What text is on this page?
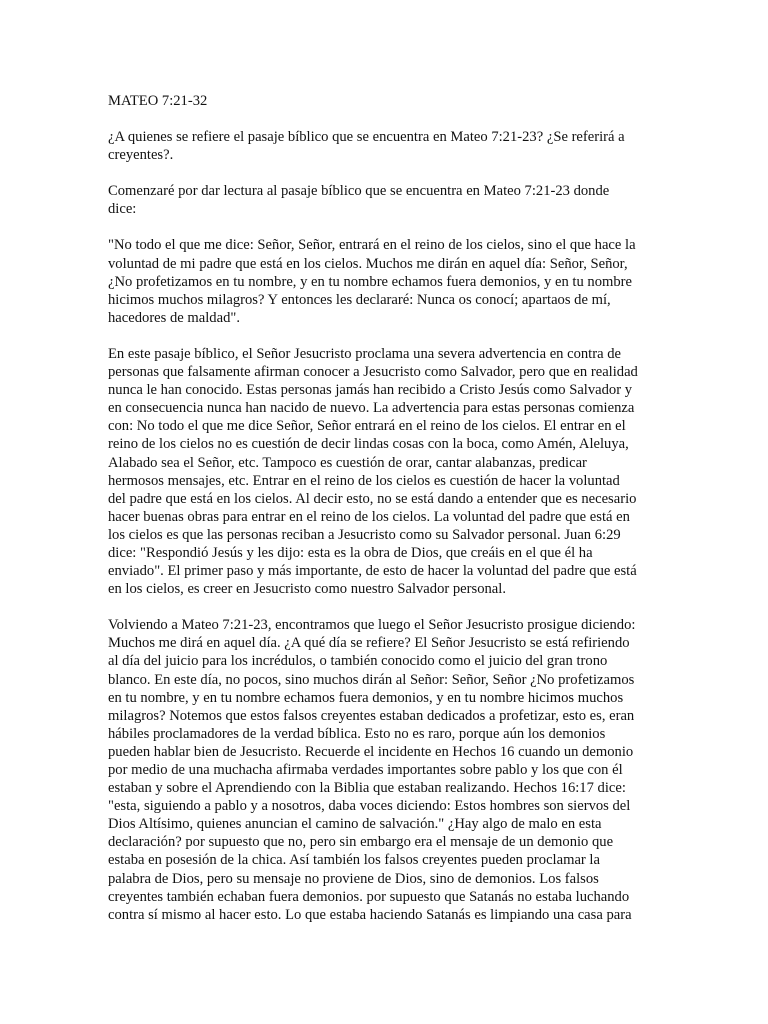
MATEO 7:21-32

¿A quienes se refiere el pasaje bíblico que se encuentra en Mateo 7:21-23? ¿Se referirá a
creyentes?.

Comenzaré por dar lectura al pasaje bíblico que se encuentra en Mateo 7:21-23 donde
dice:

"No todo el que me dice: Señor, Señor, entrará en el reino de los cielos, sino el que hace la
voluntad de mi padre que está en los cielos. Muchos me dirán en aquel día: Señor, Señor,
¿No profetizamos en tu nombre, y en tu nombre echamos fuera demonios, y en tu nombre
hicimos muchos milagros? Y entonces les declararé: Nunca os conocí; apartaos de mí,
hacedores de maldad".

En este pasaje bíblico, el Señor Jesucristo proclama una severa advertencia en contra de
personas que falsamente afirman conocer a Jesucristo como Salvador, pero que en realidad
nunca le han conocido. Estas personas jamás han recibido a Cristo Jesús como Salvador y
en consecuencia nunca han nacido de nuevo. La advertencia para estas personas comienza
con: No todo el que me dice Señor, Señor entrará en el reino de los cielos. El entrar en el
reino de los cielos no es cuestión de decir lindas cosas con la boca, como Amén, Aleluya,
Alabado sea el Señor, etc. Tampoco es cuestión de orar, cantar alabanzas, predicar
hermosos mensajes, etc. Entrar en el reino de los cielos es cuestión de hacer la voluntad
del padre que está en los cielos. Al decir esto, no se está dando a entender que es necesario
hacer buenas obras para entrar en el reino de los cielos. La voluntad del padre que está en
los cielos es que las personas reciban a Jesucristo como su Salvador personal. Juan 6:29
dice: "Respondió Jesús y les dijo: esta es la obra de Dios, que creáis en el que él ha
enviado". El primer paso y más importante, de esto de hacer la voluntad del padre que está
en los cielos, es creer en Jesucristo como nuestro Salvador personal.

Volviendo a Mateo 7:21-23, encontramos que luego el Señor Jesucristo prosigue diciendo:
Muchos me dirá en aquel día. ¿A qué día se refiere? El Señor Jesucristo se está refiriendo
al día del juicio para los incrédulos, o también conocido como el juicio del gran trono
blanco. En este día, no pocos, sino muchos dirán al Señor: Señor, Señor ¿No profetizamos
en tu nombre, y en tu nombre echamos fuera demonios, y en tu nombre hicimos muchos
milagros? Notemos que estos falsos creyentes estaban dedicados a profetizar, esto es, eran
hábiles proclamadores de la verdad bíblica. Esto no es raro, porque aún los demonios
pueden hablar bien de Jesucristo. Recuerde el incidente en Hechos 16 cuando un demonio
por medio de una muchacha afirmaba verdades importantes sobre pablo y los que con él
estaban y sobre el Aprendiendo con la Biblia que estaban realizando. Hechos 16:17 dice:
"esta, siguiendo a pablo y a nosotros, daba voces diciendo: Estos hombres son siervos del
Dios Altísimo, quienes anuncian el camino de salvación." ¿Hay algo de malo en esta
declaración? por supuesto que no, pero sin embargo era el mensaje de un demonio que
estaba en posesión de la chica. Así también los falsos creyentes pueden proclamar la
palabra de Dios, pero su mensaje no proviene de Dios, sino de demonios. Los falsos
creyentes también echaban fuera demonios. por supuesto que Satanás no estaba luchando
contra sí mismo al hacer esto. Lo que estaba haciendo Satanás es limpiando una casa para
